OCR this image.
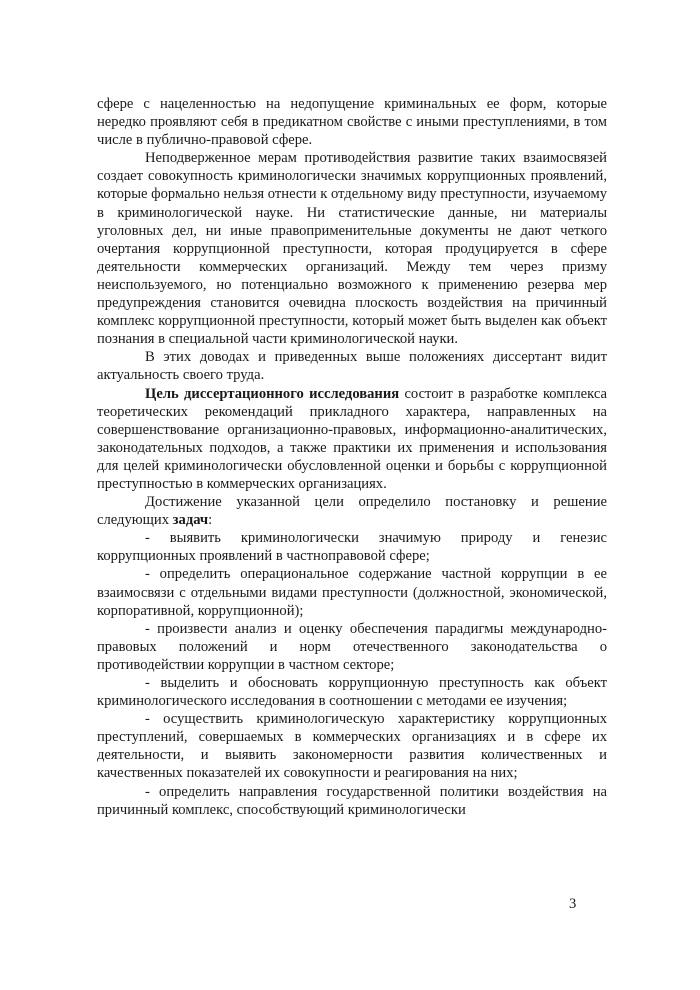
сфере с нацеленностью на недопущение криминальных ее форм, которые нередко проявляют себя в предикатном свойстве с иными преступлениями, в том числе в публично-правовой сфере.

Неподверженное мерам противодействия развитие таких взаимосвязей создает совокупность криминологически значимых коррупционных проявлений, которые формально нельзя отнести к отдельному виду преступности, изучаемому в криминологической науке. Ни статистические данные, ни материалы уголовных дел, ни иные правоприменительные документы не дают четкого очертания коррупционной преступности, которая продуцируется в сфере деятельности коммерческих организаций. Между тем через призму неиспользуемого, но потенциально возможного к применению резерва мер предупреждения становится очевидна плоскость воздействия на причинный комплекс коррупционной преступности, который может быть выделен как объект познания в специальной части криминологической науки.

В этих доводах и приведенных выше положениях диссертант видит актуальность своего труда.

Цель диссертационного исследования состоит в разработке комплекса теоретических рекомендаций прикладного характера, направленных на совершенствование организационно-правовых, информационно-аналитических, законодательных подходов, а также практики их применения и использования для целей криминологически обусловленной оценки и борьбы с коррупционной преступностью в коммерческих организациях.

Достижение указанной цели определило постановку и решение следующих задач:

- выявить криминологически значимую природу и генезис коррупционных проявлений в частноправовой сфере;

- определить операциональное содержание частной коррупции в ее взаимосвязи с отдельными видами преступности (должностной, экономической, корпоративной, коррупционной);

- произвести анализ и оценку обеспечения парадигмы международно-правовых положений и норм отечественного законодательства о противодействии коррупции в частном секторе;

- выделить и обосновать коррупционную преступность как объект криминологического исследования в соотношении с методами ее изучения;

- осуществить криминологическую характеристику коррупционных преступлений, совершаемых в коммерческих организациях и в сфере их деятельности, и выявить закономерности развития количественных и качественных показателей их совокупности и реагирования на них;

- определить направления государственной политики воздействия на причинный комплекс, способствующий криминологически

3
